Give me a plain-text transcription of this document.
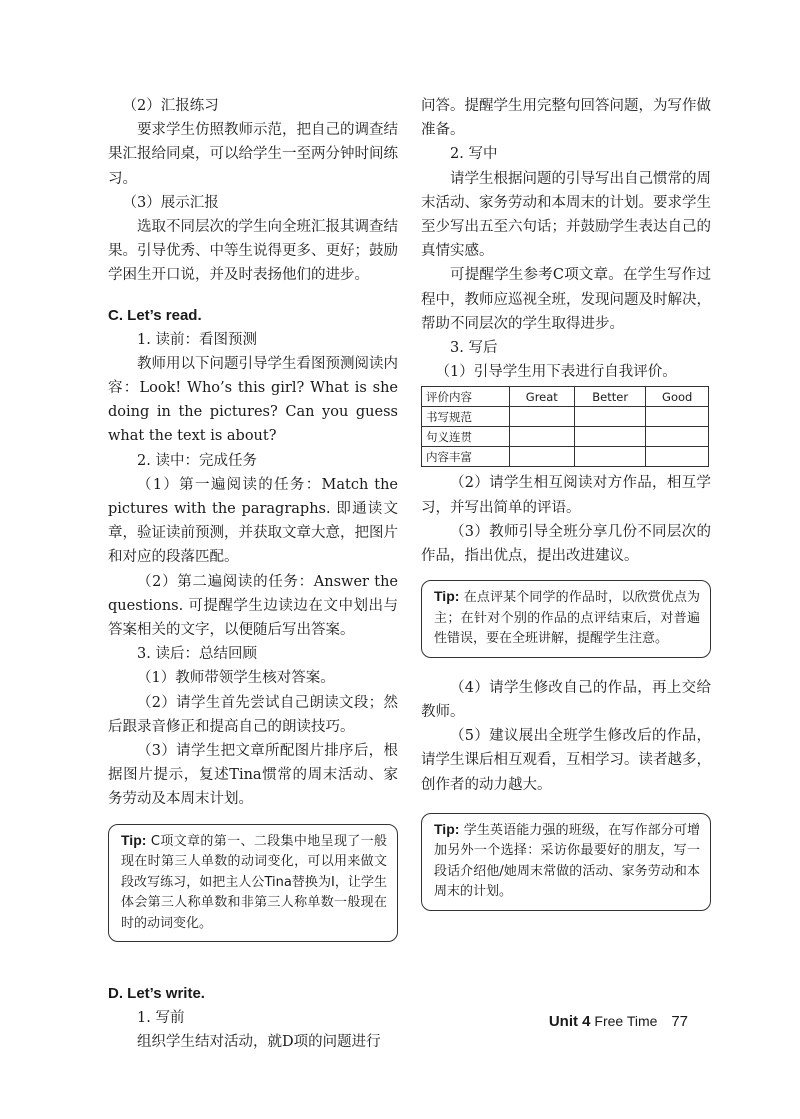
（2）汇报练习

要求学生仿照教师示范，把自己的调查结果汇报给同桌，可以给学生一至两分钟时间练习。

（3）展示汇报

选取不同层次的学生向全班汇报其调查结果。引导优秀、中等生说得更多、更好；鼓励学困生开口说，并及时表扬他们的进步。

C. Let’s read.

1. 读前：看图预测

教师用以下问题引导学生看图预测阅读内容：Look! Who’s this girl? What is she doing in the pictures? Can you guess what the text is about?

2. 读中：完成任务

（1）第一遍阅读的任务：Match the pictures with the paragraphs. 即通读文章，验证读前预测，并获取文章大意，把图片和对应的段落匹配。

（2）第二遍阅读的任务：Answer the questions. 可提醒学生边读边在文中划出与答案相关的文字，以便随后写出答案。

3. 读后：总结回顾

（1）教师带领学生核对答案。

（2）请学生首先尝试自己朗读文段；然后跟录音修正和提高自己的朗读技巧。

（3）请学生把文章所配图片排序后，根据图片提示，复述Tina惯常的周末活动、家务劳动及本周末计划。

Tip: C项文章的第一、二段集中地呈现了一般现在时第三人单数的动词变化，可以用来做文段改写练习，如把主人公Tina替换为I，让学生体会第三人称单数和非第三人称单数一般现在时的动词变化。

D. Let’s write.

1. 写前

组织学生结对活动，就D项的问题进行

问答。提醒学生用完整句回答问题，为写作做准备。

2. 写中

请学生根据问题的引导写出自己惯常的周末活动、家务劳动和本周末的计划。要求学生至少写出五至六句话；并鼓励学生表达自己的真情实感。

可提醒学生参考C项文章。在学生写作过程中，教师应巡视全班，发现问题及时解决，帮助不同层次的学生取得进步。

3. 写后

（1）引导学生用下表进行自我评价。

评价内容	Great	Better	Good
书写规范			
句义连贯			
内容丰富			

（2）请学生相互阅读对方作品，相互学习，并写出简单的评语。

（3）教师引导全班分享几份不同层次的作品，指出优点，提出改进建议。

Tip: 在点评某个同学的作品时，以欣赏优点为主；在针对个别的作品的点评结束后，对普遍性错误，要在全班讲解，提醒学生注意。

（4）请学生修改自己的作品，再上交给教师。

（5）建议展出全班学生修改后的作品，请学生课后相互观看，互相学习。读者越多，创作者的动力越大。

Tip: 学生英语能力强的班级，在写作部分可增加另外一个选择：采访你最要好的朋友，写一段话介绍他/她周末常做的活动、家务劳动和本周末的计划。
Unit 4 Free Time 77
